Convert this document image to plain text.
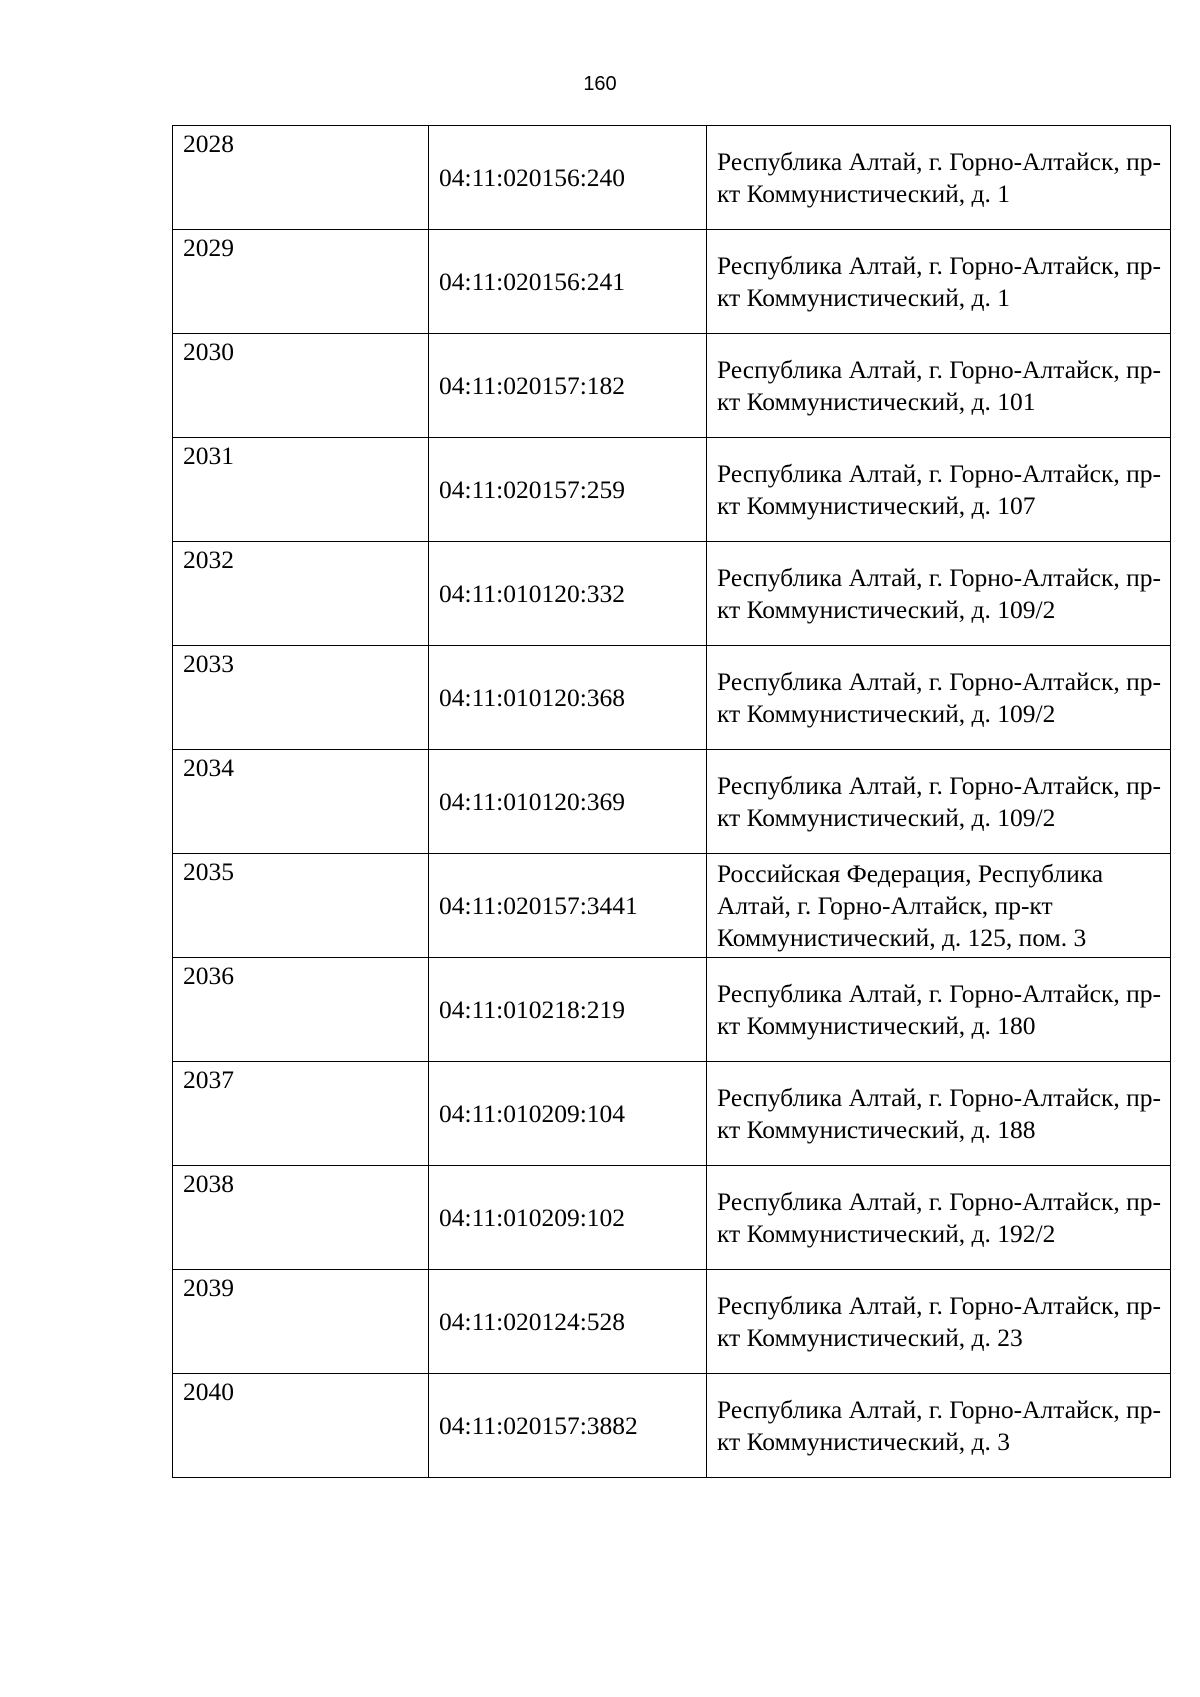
160
2028	04:11:020156:240	Республика Алтай, г. Горно-Алтайск, пр-кт Коммунистический, д. 1
2029	04:11:020156:241	Республика Алтай, г. Горно-Алтайск, пр-кт Коммунистический, д. 1
2030	04:11:020157:182	Республика Алтай, г. Горно-Алтайск, пр-кт Коммунистический, д. 101
2031	04:11:020157:259	Республика Алтай, г. Горно-Алтайск, пр-кт Коммунистический, д. 107
2032	04:11:010120:332	Республика Алтай, г. Горно-Алтайск, пр-кт Коммунистический, д. 109/2
2033	04:11:010120:368	Республика Алтай, г. Горно-Алтайск, пр-кт Коммунистический, д. 109/2
2034	04:11:010120:369	Республика Алтай, г. Горно-Алтайск, пр-кт Коммунистический, д. 109/2
2035	04:11:020157:3441	Российская Федерация, Республика Алтай, г. Горно-Алтайск, пр-кт Коммунистический, д. 125, пом. 3
2036	04:11:010218:219	Республика Алтай, г. Горно-Алтайск, пр-кт Коммунистический, д. 180
2037	04:11:010209:104	Республика Алтай, г. Горно-Алтайск, пр-кт Коммунистический, д. 188
2038	04:11:010209:102	Республика Алтай, г. Горно-Алтайск, пр-кт Коммунистический, д. 192/2
2039	04:11:020124:528	Республика Алтай, г. Горно-Алтайск, пр-кт Коммунистический, д. 23
2040	04:11:020157:3882	Республика Алтай, г. Горно-Алтайск, пр-кт Коммунистический, д. 3
